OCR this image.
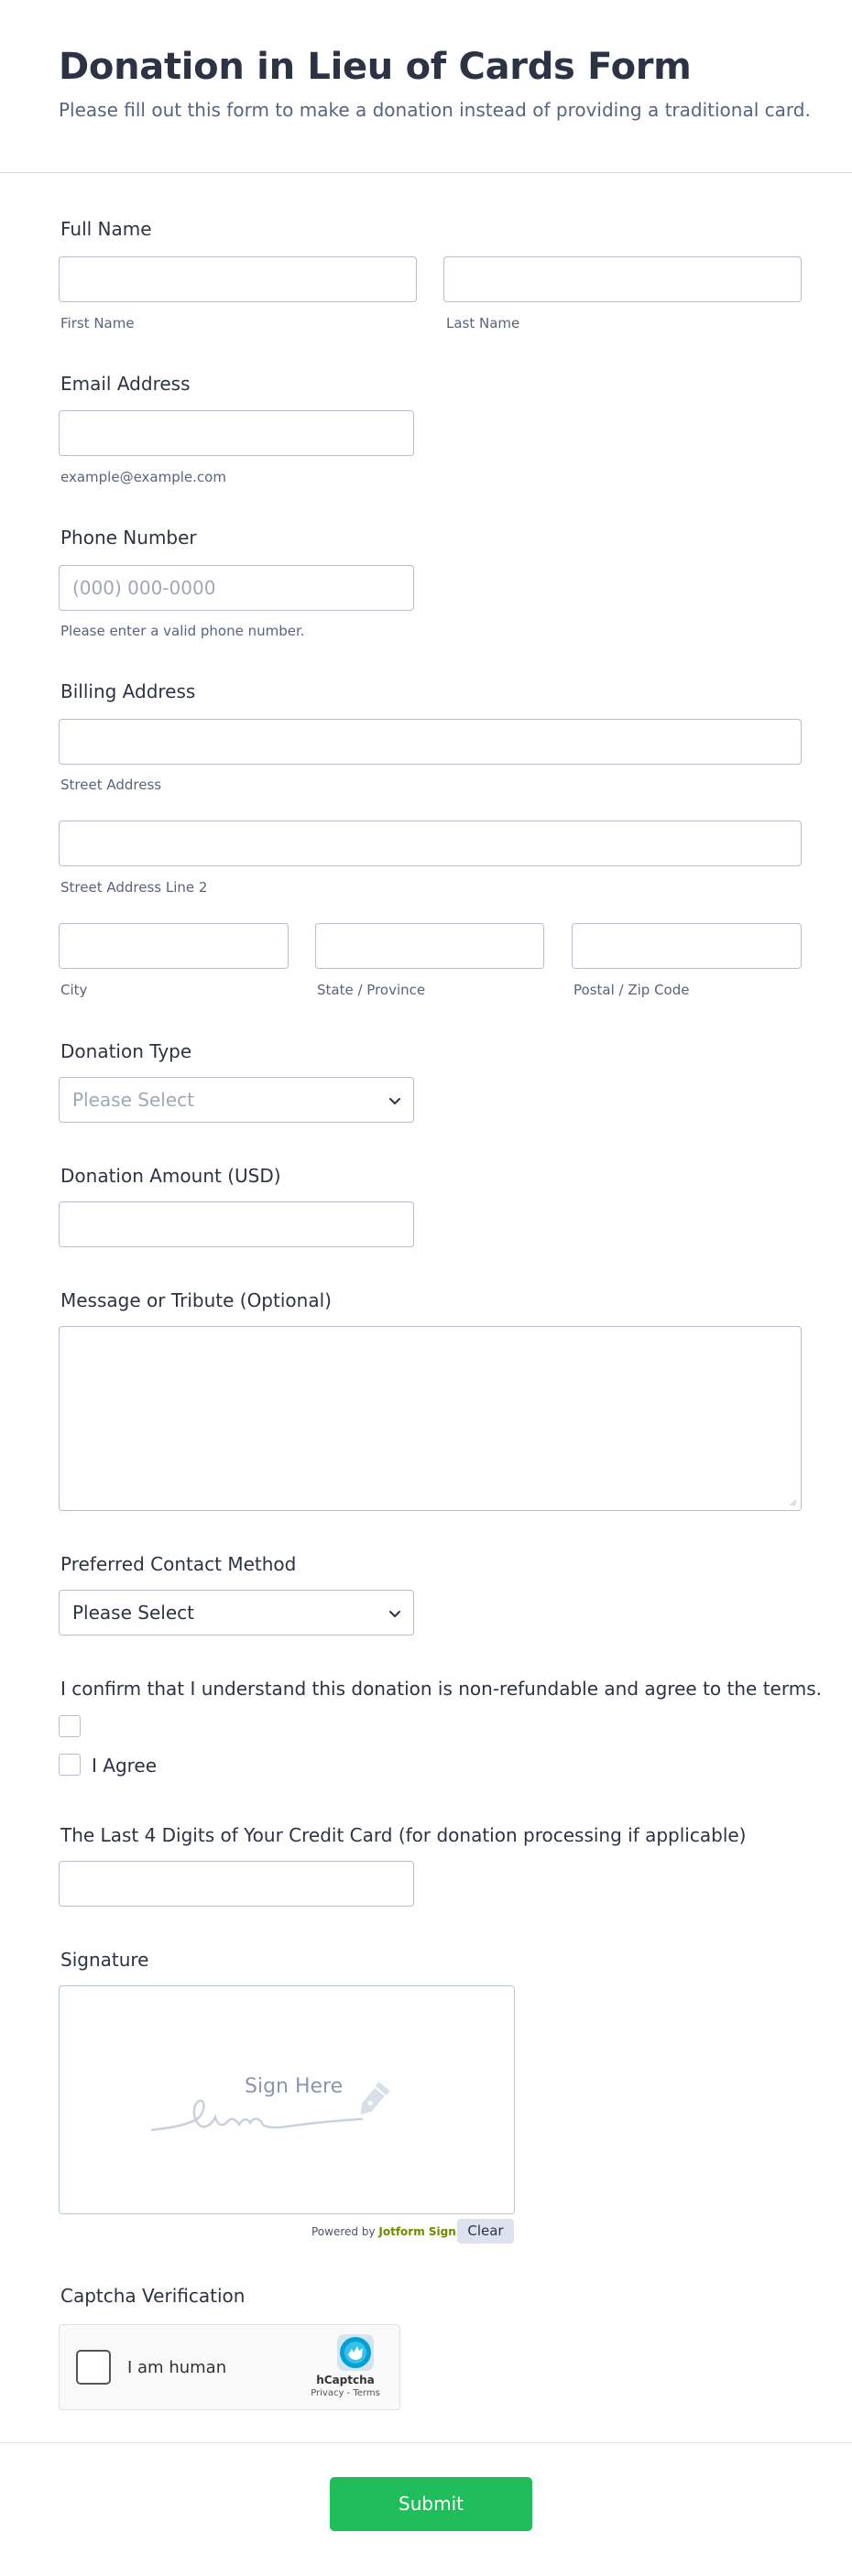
Donation in Lieu of Cards Form

Please fill out this form to make a donation instead of providing a traditional card.

Full Name
First Name	Last Name
Email Address
example@example.com
Phone Number
(000) 000-0000
Please enter a valid phone number.
Billing Address
Street Address
Street Address Line 2
City	State / Province	Postal / Zip Code
Donation Type
Please Select
Donation Amount (USD)
Message or Tribute (Optional)
Preferred Contact Method
Please Select
I confirm that I understand this donation is non-refundable and agree to the terms.
I Agree
The Last 4 Digits of Your Credit Card (for donation processing if applicable)
Signature
Sign Here
Powered by Jotform Sign Clear
Captcha Verification
I am human
hCaptcha
Privacy - Terms
Submit
